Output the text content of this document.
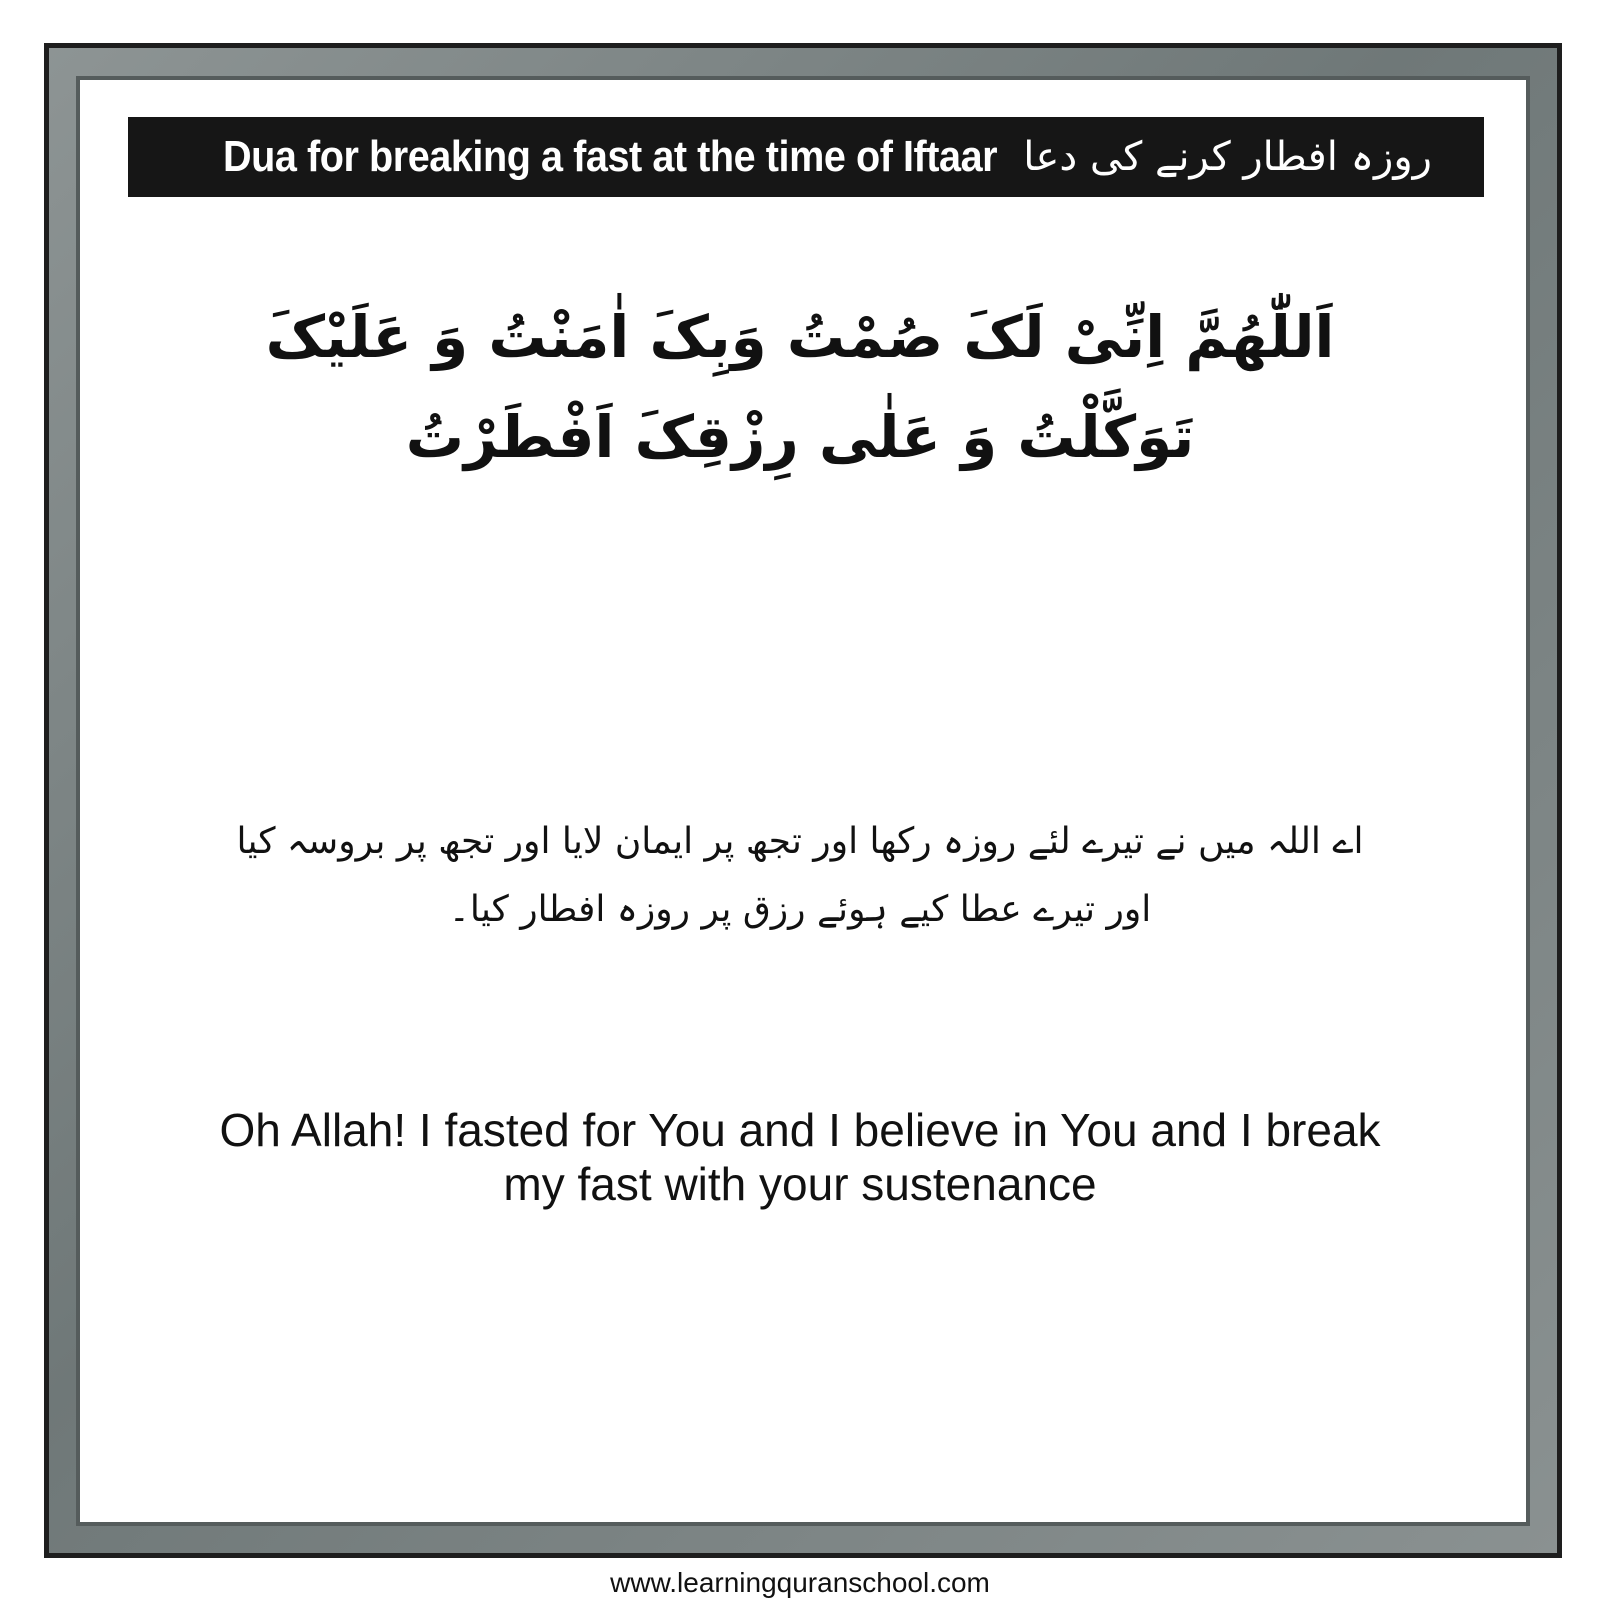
Dua for breaking a fast at the time of Iftaar روزہ افطار کرنے کی دعا
اَللّٰھُمَّ اِنِّیْ لَکَ صُمْتُ وَبِکَ اٰمَنْتُ وَ عَلَیْکَ
تَوَکَّلْتُ وَ عَلٰی رِزْقِکَ اَفْطَرْتُ
اے اللہ میں نے تیرے لئے روزہ رکھا اور تجھ پر ایمان لایا اور تجھ پر بروسہ کیا
اور تیرے عطا کیے ہوئے رزق پر روزہ افطار کیا۔
Oh Allah! I fasted for You and I believe in You and I break
my fast with your sustenance
www.learningquranschool.com
